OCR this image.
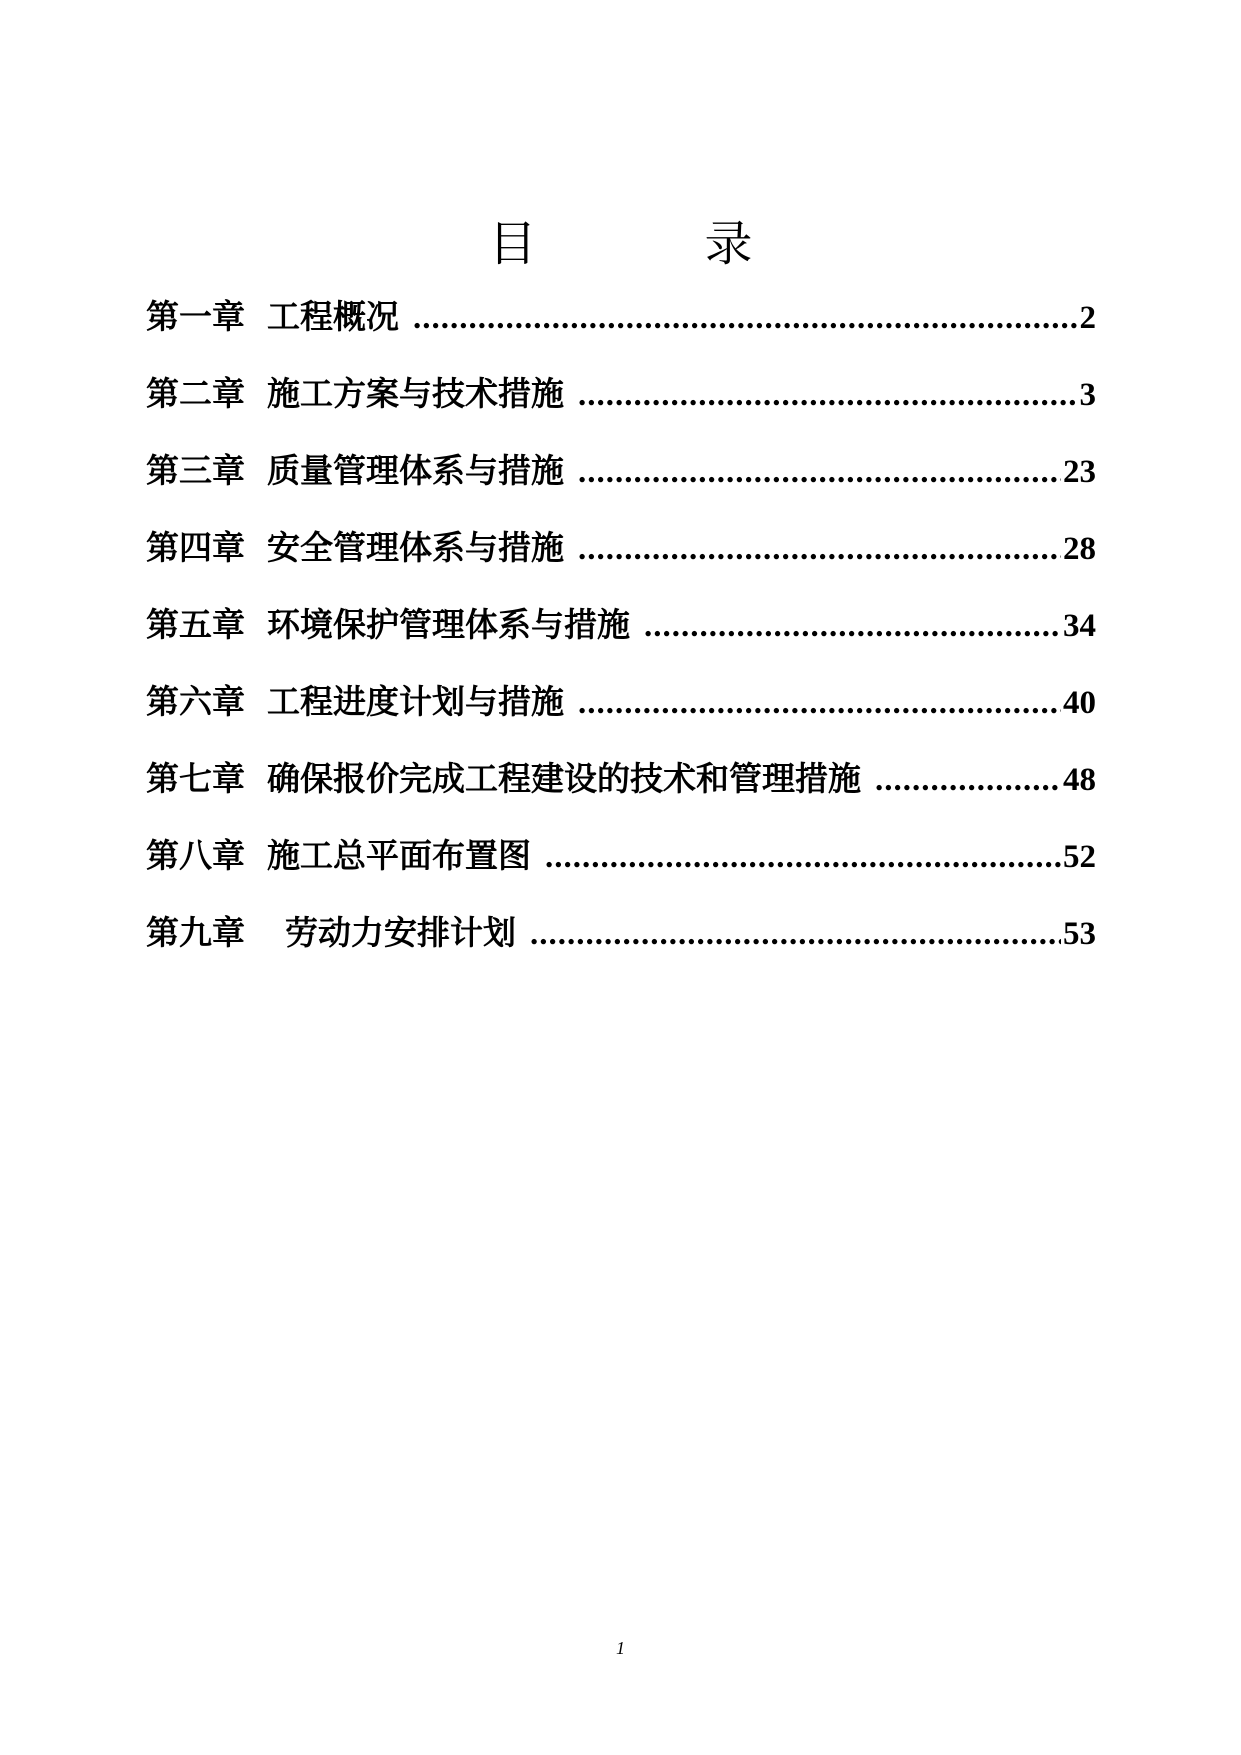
目　录
第一章 工程概况 .....	2
第二章 施工方案与技术措施 .....	3
第三章 质量管理体系与措施 .....	23
第四章 安全管理体系与措施 .....	28
第五章 环境保护管理体系与措施 .....	34
第六章 工程进度计划与措施 .....	40
第七章 确保报价完成工程建设的技术和管理措施 .....	48
第八章 施工总平面布置图 .....	52
第九章 劳动力安排计划 .....	53
1
